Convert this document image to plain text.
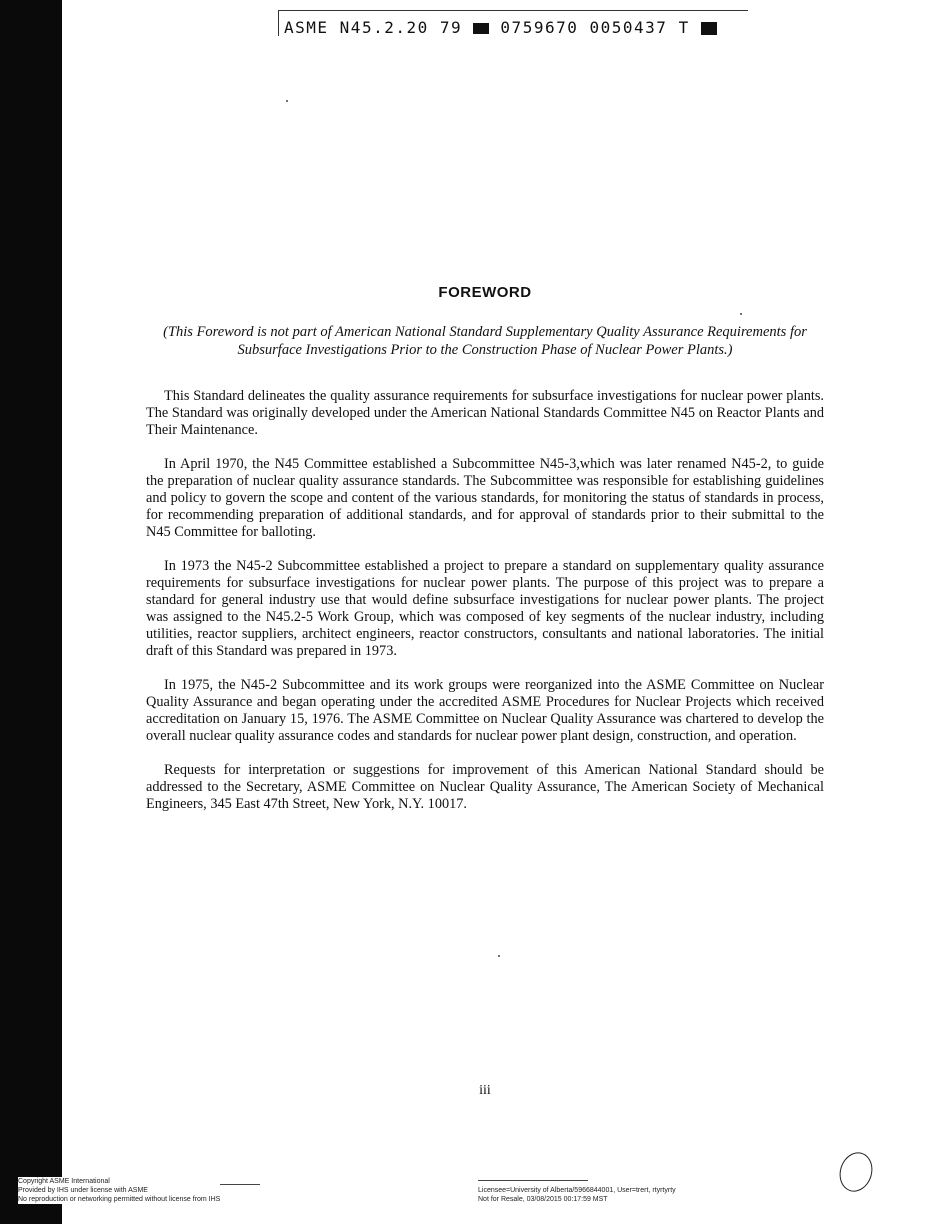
ASME N45.2.20 79 0759670 0050437 T
FOREWORD
(This Foreword is not part of American National Standard Supplementary Quality Assurance Requirements for Subsurface Investigations Prior to the Construction Phase of Nuclear Power Plants.)

This Standard delineates the quality assurance requirements for subsurface investigations for nuclear power plants. The Standard was originally developed under the American National Standards Committee N45 on Reactor Plants and Their Maintenance.

In April 1970, the N45 Committee established a Subcommittee N45-3,which was later renamed N45-2, to guide the preparation of nuclear quality assurance standards. The Subcommittee was responsible for establishing guidelines and policy to govern the scope and content of the various standards, for monitoring the status of standards in process, for recommending preparation of additional standards, and for approval of standards prior to their submittal to the N45 Committee for balloting.

In 1973 the N45-2 Subcommittee established a project to prepare a standard on supplementary quality assurance requirements for subsurface investigations for nuclear power plants. The purpose of this project was to prepare a standard for general industry use that would define subsurface investigations for nuclear power plants. The project was assigned to the N45.2-5 Work Group, which was composed of key segments of the nuclear industry, including utilities, reactor suppliers, architect engineers, reactor constructors, consultants and national laboratories. The initial draft of this Standard was prepared in 1973.

In 1975, the N45-2 Subcommittee and its work groups were reorganized into the ASME Committee on Nuclear Quality Assurance and began operating under the accredited ASME Procedures for Nuclear Projects which received accreditation on January 15, 1976. The ASME Committee on Nuclear Quality Assurance was chartered to develop the overall nuclear quality assurance codes and standards for nuclear power plant design, construction, and operation.

Requests for interpretation or suggestions for improvement of this American National Standard should be addressed to the Secretary, ASME Committee on Nuclear Quality Assurance, The American Society of Mechanical Engineers, 345 East 47th Street, New York, N.Y. 10017.

iii
Copyright ASME International
Provided by IHS under license with ASME
No reproduction or networking permitted without license from IHS
Licensee=University of Alberta/5966844001, User=trert, rtyrtyrty
Not for Resale, 03/08/2015 00:17:59 MST
